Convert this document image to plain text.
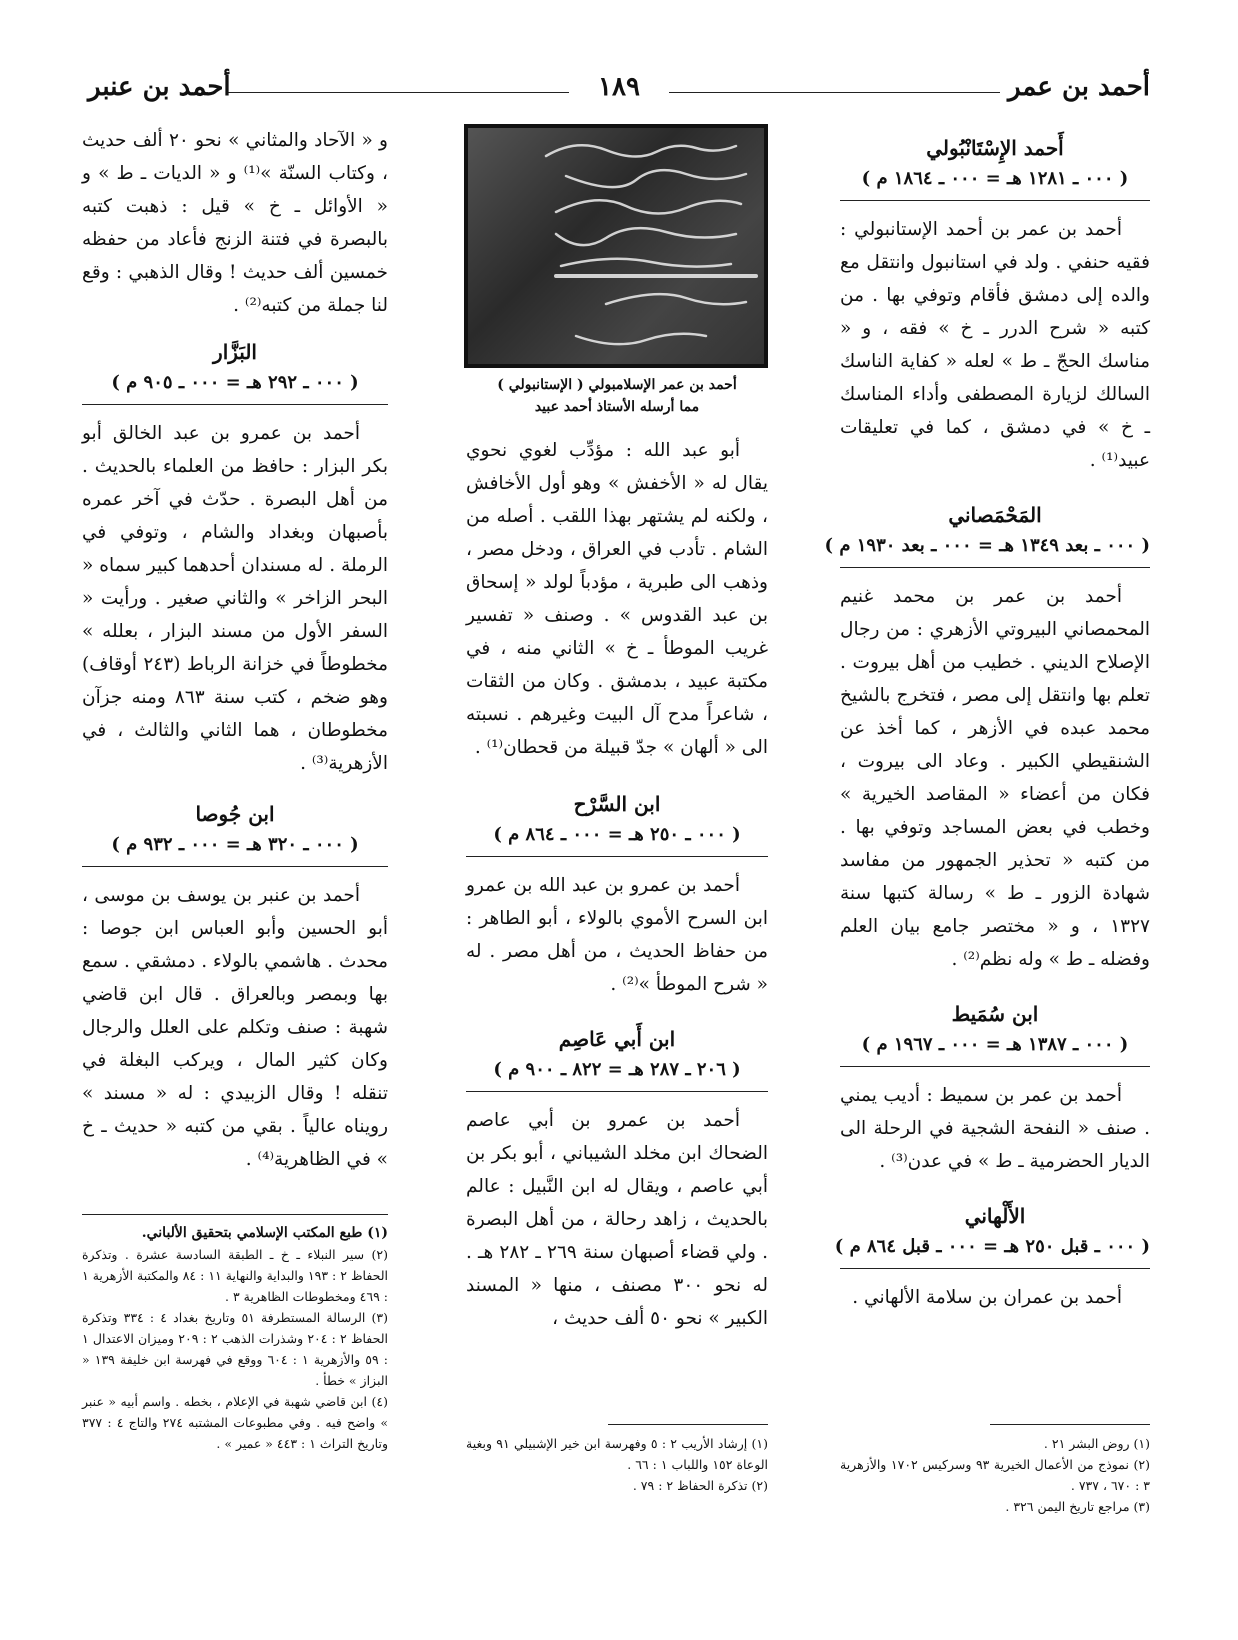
أحمد بن عمر
١٨٩
أحمد بن عنبر
أَحمد الإِسْتَانْبُولي
( ٠٠٠ ـ ١٢٨١ هـ = ٠٠٠ ـ ١٨٦٤ م )

أحمد بن عمر بن أحمد الإستانبولي : فقيه حنفي . ولد في استانبول وانتقل مع والده إلى دمشق فأقام وتوفي بها . من كتبه « شرح الدرر ـ خ » فقه ، و « مناسك الحجّ ـ ط » لعله « كفاية الناسك السالك لزيارة المصطفى وأداء المناسك ـ خ » في دمشق ، كما في تعليقات عبيد⁽¹⁾ .

المَحْمَصاني
( ٠٠٠ ـ بعد ١٣٤٩ هـ = ٠٠٠ ـ بعد ١٩٣٠ م )

أحمد بن عمر بن محمد غنيم المحمصاني البيروتي الأزهري : من رجال الإصلاح الديني . خطيب من أهل بيروت . تعلم بها وانتقل إلى مصر ، فتخرج بالشيخ محمد عبده في الأزهر ، كما أخذ عن الشنقيطي الكبير . وعاد الى بيروت ، فكان من أعضاء « المقاصد الخيرية » وخطب في بعض المساجد وتوفي بها . من كتبه « تحذير الجمهور من مفاسد شهادة الزور ـ ط » رسالة كتبها سنة ١٣٢٧ ، و « مختصر جامع بيان العلم وفضله ـ ط » وله نظم⁽²⁾ .

ابن سُمَيط
( ٠٠٠ ـ ١٣٨٧ هـ = ٠٠٠ ـ ١٩٦٧ م )

أحمد بن عمر بن سميط : أديب يمني . صنف « النفحة الشجية في الرحلة الى الديار الحضرمية ـ ط » في عدن⁽³⁾ .

الأَلْهاني
( ٠٠٠ ـ قبل ٢٥٠ هـ = ٠٠٠ ـ قبل ٨٦٤ م )

أحمد بن عمران بن سلامة الألهاني .

(١) روض البشر ٢١ .

(٢) نموذج من الأعمال الخيرية ٩٣ وسركيس ١٧٠٢ والأزهرية ٣ : ٦٧٠ ، ٧٣٧ .

(٣) مراجع تاريخ اليمن ٣٢٦ .

أحمد بن عمر الإسلامبولي ( الإستانبولي )
مما أرسله الأستاذ أحمد عبيد

أبو عبد الله : مؤدِّب لغوي نحوي يقال له « الأخفش » وهو أول الأخافش ، ولكنه لم يشتهر بهذا اللقب . أصله من الشام . تأدب في العراق ، ودخل مصر ، وذهب الى طبرية ، مؤدباً لولد « إسحاق بن عبد القدوس » . وصنف « تفسير غريب الموطأ ـ خ » الثاني منه ، في مكتبة عبيد ، بدمشق . وكان من الثقات ، شاعراً مدح آل البيت وغيرهم . نسبته الى « ألهان » جدّ قبيلة من قحطان⁽¹⁾ .

ابن السَّرْح
( ٠٠٠ ـ ٢٥٠ هـ = ٠٠٠ ـ ٨٦٤ م )

أحمد بن عمرو بن عبد الله بن عمرو ابن السرح الأموي بالولاء ، أبو الطاهر : من حفاظ الحديث ، من أهل مصر . له « شرح الموطأ »⁽²⁾ .

ابن أَبي عَاصِم
( ٢٠٦ ـ ٢٨٧ هـ = ٨٢٢ ـ ٩٠٠ م )

أحمد بن عمرو بن أبي عاصم الضحاك ابن مخلد الشيباني ، أبو بكر بن أبي عاصم ، ويقال له ابن النَّبيل : عالم بالحديث ، زاهد رحالة ، من أهل البصرة . ولي قضاء أصبهان سنة ٢٦٩ ـ ٢٨٢ هـ . له نحو ٣٠٠ مصنف ، منها « المسند الكبير » نحو ٥٠ ألف حديث ،

(١) إرشاد الأريب ٢ : ٥ وفهرسة ابن خير الإشبيلي ٩١ وبغية الوعاة ١٥٢ واللباب ١ : ٦٦ .

(٢) تذكرة الحفاظ ٢ : ٧٩ .

و « الآحاد والمثاني » نحو ٢٠ ألف حديث ، وكتاب السنّة »⁽¹⁾ و « الديات ـ ط » و « الأوائل ـ خ » قيل : ذهبت كتبه بالبصرة في فتنة الزنج فأعاد من حفظه خمسين ألف حديث ! وقال الذهبي : وقع لنا جملة من كتبه⁽²⁾ .

البَزَّار
( ٠٠٠ ـ ٢٩٢ هـ = ٠٠٠ ـ ٩٠٥ م )

أحمد بن عمرو بن عبد الخالق أبو بكر البزار : حافظ من العلماء بالحديث . من أهل البصرة . حدّث في آخر عمره بأصبهان وبغداد والشام ، وتوفي في الرملة . له مسندان أحدهما كبير سماه « البحر الزاخر » والثاني صغير . ورأيت « السفر الأول من مسند البزار ، بعلله » مخطوطاً في خزانة الرباط (٢٤٣ أوقاف) وهو ضخم ، كتب سنة ٨٦٣ ومنه جزآن مخطوطان ، هما الثاني والثالث ، في الأزهرية⁽³⁾ .

ابن جُوصا
( ٠٠٠ ـ ٣٢٠ هـ = ٠٠٠ ـ ٩٣٢ م )

أحمد بن عنبر بن يوسف بن موسى ، أبو الحسين وأبو العباس ابن جوصا : محدث . هاشمي بالولاء . دمشقي . سمع بها وبمصر وبالعراق . قال ابن قاضي شهبة : صنف وتكلم على العلل والرجال وكان كثير المال ، ويركب البغلة في تنقله ! وقال الزبيدي : له « مسند » رويناه عالياً . بقي من كتبه « حديث ـ خ » في الظاهرية⁽⁴⁾ .

(١) طبع المكتب الإسلامي بتحقيق الألباني.

(٢) سير النبلاء ـ خ ـ الطبقة السادسة عشرة . وتذكرة الحفاظ ٢ : ١٩٣ والبداية والنهاية ١١ : ٨٤ والمكتبة الأزهرية ١ : ٤٦٩ ومخطوطات الظاهرية ٣ .

(٣) الرسالة المستطرفة ٥١ وتاريخ بغداد ٤ : ٣٣٤ وتذكرة الحفاظ ٢ : ٢٠٤ وشذرات الذهب ٢ : ٢٠٩ وميزان الاعتدال ١ : ٥٩ والأزهرية ١ : ٦٠٤ ووقع في فهرسة ابن خليفة ١٣٩ « البزاز » خطأ .

(٤) ابن قاضي شهبة في الإعلام ، بخطه . واسم أبيه « عنبر » واضح فيه . وفي مطبوعات المشتبه ٢٧٤ والتاج ٤ : ٣٧٧ وتاريخ التراث ١ : ٤٤٣ « عمير » .
